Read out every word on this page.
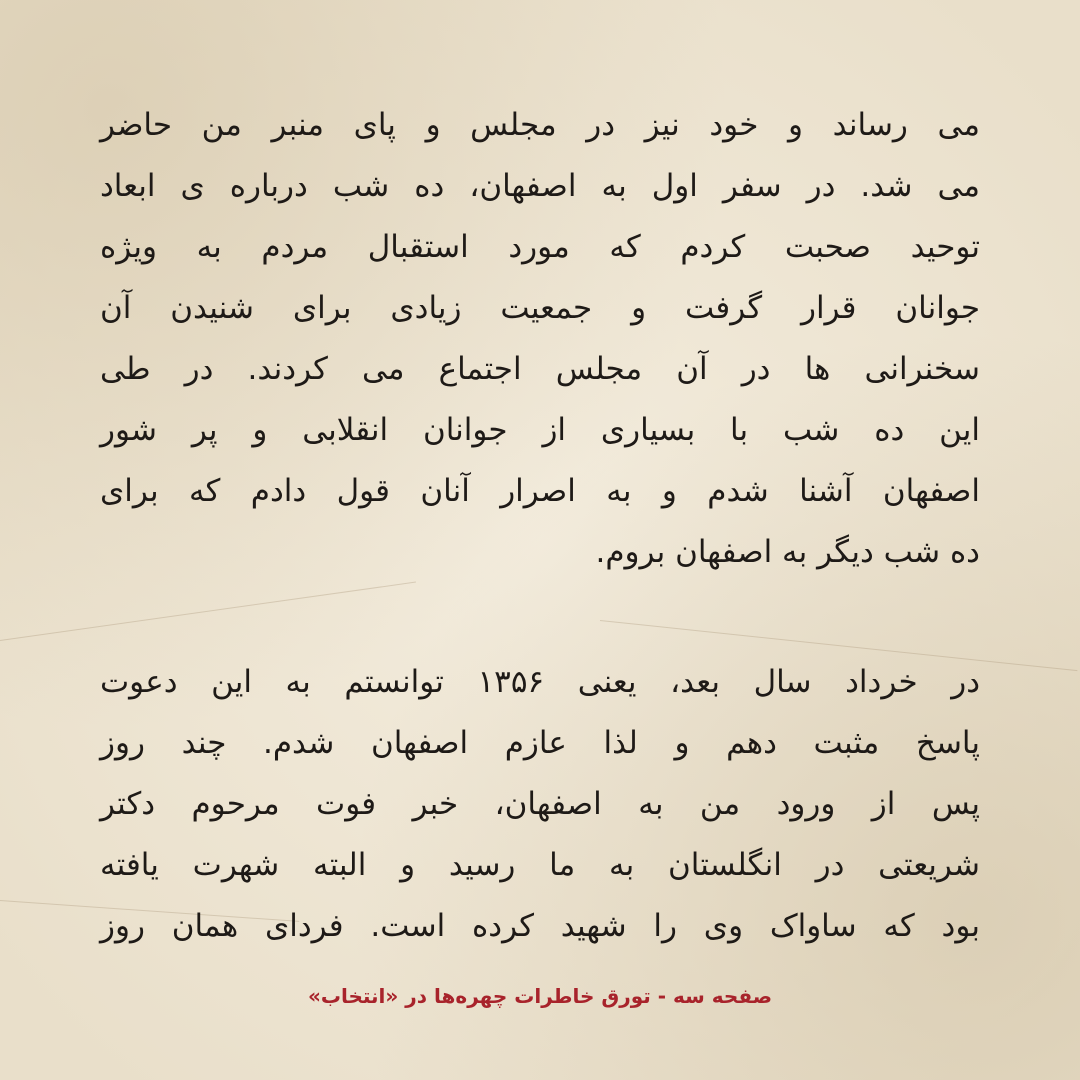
می رساند و خود نیز در مجلس و پای منبر من حاضر
می شد. در سفر اول به اصفهان، ده شب درباره ی ابعاد
توحید صحبت کردم که مورد استقبال مردم به ویژه
جوانان قرار گرفت و جمعیت زیادی برای شنیدن آن
سخنرانی ها در آن مجلس اجتماع می کردند. در طی
این ده شب با بسیاری از جوانان انقلابی و پر شور
اصفهان آشنا شدم و به اصرار آنان قول دادم که برای
ده شب دیگر به اصفهان بروم.
در خرداد سال بعد، یعنی ۱۳۵۶ توانستم به این دعوت
پاسخ مثبت دهم و لذا عازم اصفهان شدم. چند روز
پس از ورود من به اصفهان، خبر فوت مرحوم دکتر
شریعتی در انگلستان به ما رسید و البته شهرت یافته
بود که ساواک وی را شهید کرده است. فردای همان روز
صفحه سه - تورق خاطرات چهره‌ها در «انتخاب»
